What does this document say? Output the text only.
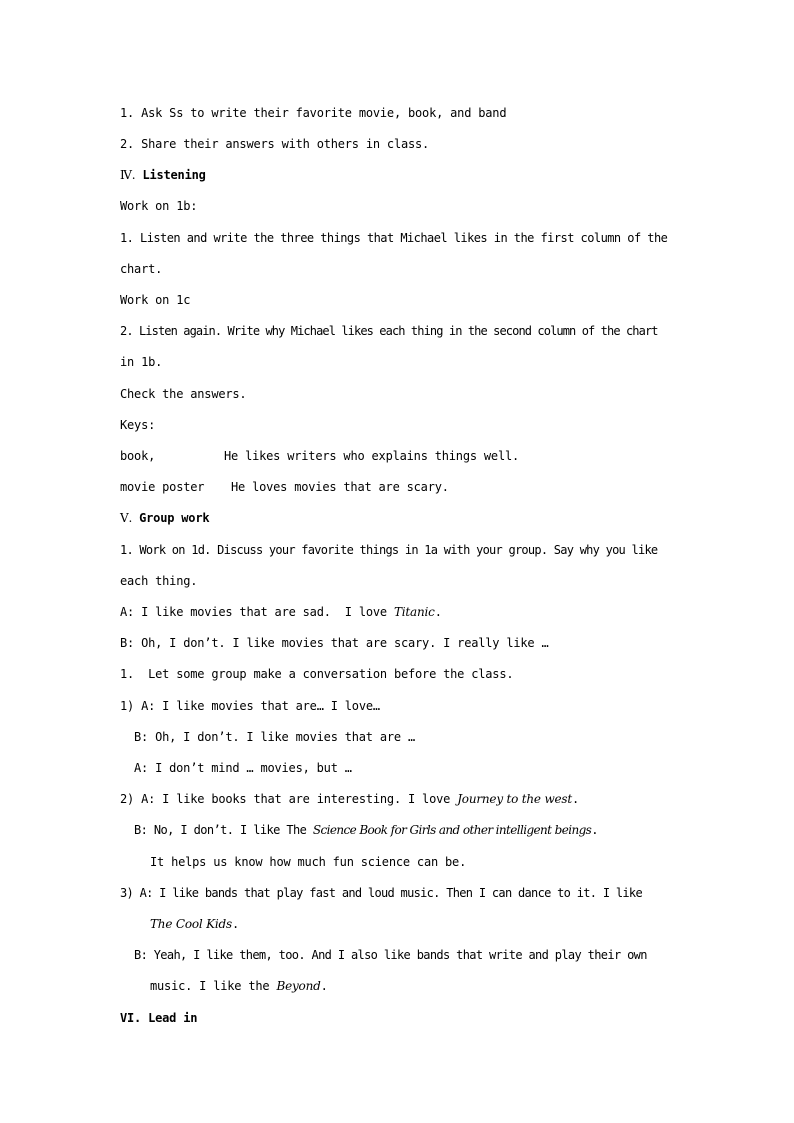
1. Ask Ss to write their favorite movie, book, and band
2. Share their answers with others in class.
Ⅳ. Listening
Work on 1b:
1. Listen and write the three things that Michael likes in the first column of the
chart.
Work on 1c
2. Listen again. Write why Michael likes each thing in the second column of the chart
in 1b.
Check the answers.
Keys:
book,	He likes writers who explains things well.
movie poster He loves movies that are scary.
Ⅴ. Group work
1. Work on 1d. Discuss your favorite things in 1a with your group. Say why you like
each thing.
A: I like movies that are sad.  I love Titanic.
B: Oh, I don’t. I like movies that are scary. I really like …
1.  Let some group make a conversation before the class.
1) A: I like movies that are… I love…
B: Oh, I don’t. I like movies that are …
A: I don’t mind … movies, but …
2) A: I like books that are interesting. I love Journey to the west.
B: No, I don’t. I like The Science Book for Girls and other intelligent beings.
It helps us know how much fun science can be.
3) A: I like bands that play fast and loud music. Then I can dance to it. I like
The Cool Kids.
B: Yeah, I like them, too. And I also like bands that write and play their own
music. I like the Beyond.
VI. Lead in
